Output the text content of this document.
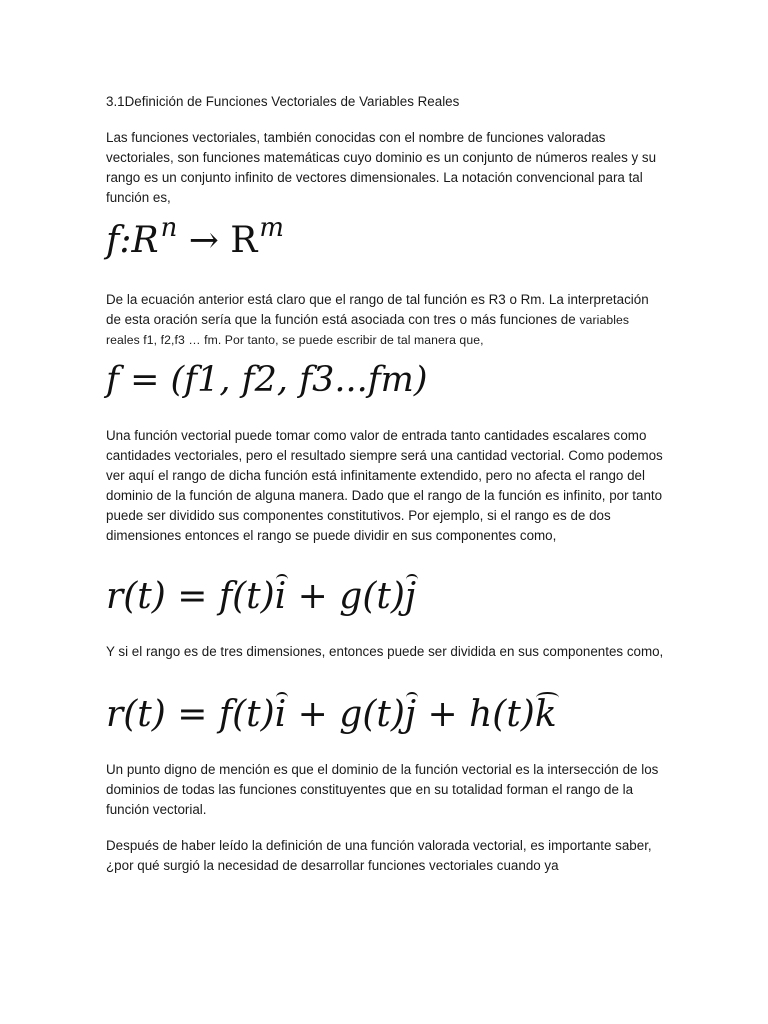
3.1Definición de Funciones Vectoriales de Variables Reales

Las funciones vectoriales, también conocidas con el nombre de funciones valoradas vectoriales, son funciones matemáticas cuyo dominio es un conjunto de números reales y su rango es un conjunto infinito de vectores dimensionales. La notación convencional para tal función es,

$f:R^n \to R^m$

De la ecuación anterior está claro que el rango de tal función es R3 o Rm. La interpretación de esta oración sería que la función está asociada con tres o más funciones de variables reales f1, f2,f3 … fm. Por tanto, se puede escribir de tal manera que,

f = (f1, f2, f3...fm)

Una función vectorial puede tomar como valor de entrada tanto cantidades escalares como cantidades vectoriales, pero el resultado siempre será una cantidad vectorial. Como podemos ver aquí el rango de dicha función está infinitamente extendido, pero no afecta el rango del dominio de la función de alguna manera. Dado que el rango de la función es infinito, por tanto puede ser dividido sus componentes constitutivos. Por ejemplo, si el rango es de dos dimensiones entonces el rango se puede dividir en sus componentes como,

r(t) = f(t)i + g(t)j

Y si el rango es de tres dimensiones, entonces puede ser dividida en sus componentes como,

r(t) = f(t)i + g(t)j + h(t)k

Un punto digno de mención es que el dominio de la función vectorial es la intersección de los dominios de todas las funciones constituyentes que en su totalidad forman el rango de la función vectorial.

Después de haber leído la definición de una función valorada vectorial, es importante saber, ¿por qué surgió la necesidad de desarrollar funciones vectoriales cuando ya
